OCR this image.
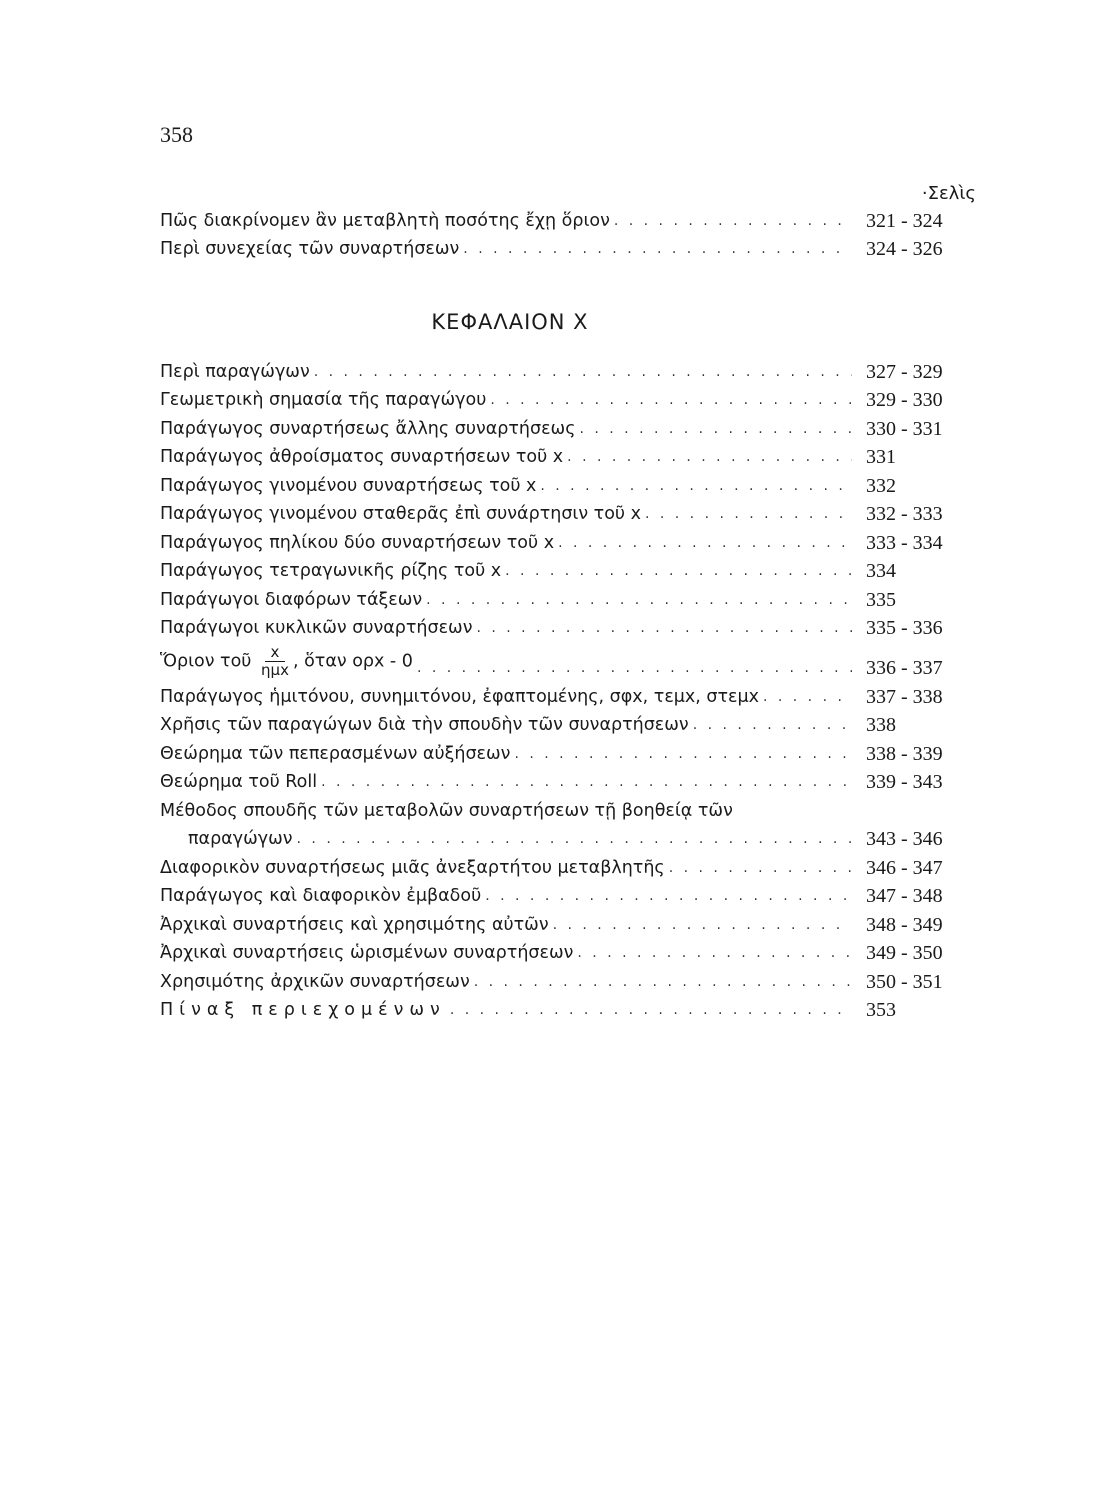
358
·Σελὶς
Πῶς διακρίνομεν ἂν μεταβλητὴ ποσότης ἔχῃ ὅριον . . .	321 - 324
Περὶ συνεχείας τῶν συναρτήσεων . . .	324 - 326
ΚΕΦΑΛΑΙΟΝ X
Περὶ παραγώγων . . .	327 - 329
Γεωμετρικὴ σημασία τῆς παραγώγου . . .	329 - 330
Παράγωγος συναρτήσεως ἄλλης συναρτήσεως . . .	330 - 331
Παράγωγος ἀθροίσματος συναρτήσεων τοῦ x . . .	331
Παράγωγος γινομένου συναρτήσεως τοῦ x . . .	332
Παράγωγος γινομένου σταθερᾶς ἐπὶ συνάρτησιν τοῦ x . . .	332 - 333
Παράγωγος πηλίκου δύο συναρτήσεων τοῦ x . . .	333 - 334
Παράγωγος τετραγωνικῆς ρίζης τοῦ x . . .	334
Παράγωγοι διαφόρων τάξεων . . .	335
Παράγωγοι κυκλικῶν συναρτήσεων . . .	335 - 336
Ὅριον τοῦ $\frac{x}{\text{ημx}}$ , ὅταν ορx - 0 . . .	336 - 337
Παράγωγος ἡμιτόνου, συνημιτόνου, ἐφαπτομένης, σφx, τεμx, στεμx . . .	337 - 338
Χρῆσις τῶν παραγώγων διὰ τὴν σπουδὴν τῶν συναρτήσεων . . .	338
Θεώρημα τῶν πεπερασμένων αὐξήσεων . . .	338 - 339
Θεώρημα τοῦ Roll . . .	339 - 343
Μέθοδος σπουδῆς τῶν μεταβολῶν συναρτήσεων τῇ βοηθείᾳ τῶν
παραγώγων . . .	343 - 346
Διαφορικὸν συναρτήσεως μιᾶς ἀνεξαρτήτου μεταβλητῆς . . .	346 - 347
Παράγωγος καὶ διαφορικὸν ἐμβαδοῦ . . .	347 - 348
Ἀρχικαὶ συναρτήσεις καὶ χρησιμότης αὐτῶν . . .	348 - 349
Ἀρχικαὶ συναρτήσεις ὡρισμένων συναρτήσεων . . .	349 - 350
Χρησιμότης ἀρχικῶν συναρτήσεων . . .	350 - 351
Πίναξ περιεχομένων . . .	353
